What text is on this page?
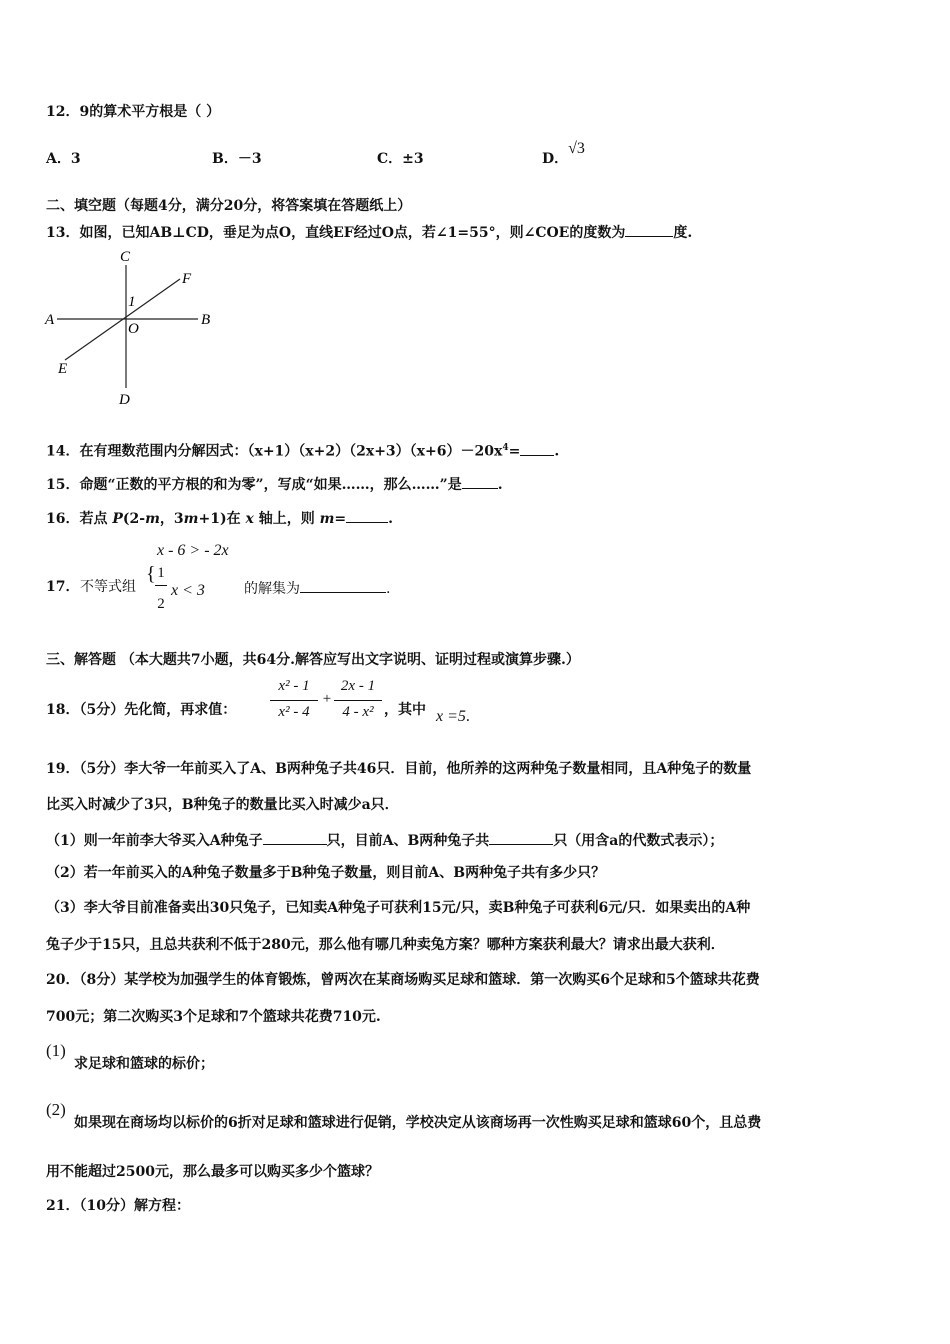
12．9的算术平方根是（ ）
A．3	B．－3	C．±3	D．√3
二、填空题（每题4分，满分20分，将答案填在答题纸上）
13．如图，已知AB⊥CD，垂足为点O，直线EF经过O点，若∠1=55°，则∠COE的度数为	度.
C
F
1
A
O
B
E
D
14．在有理数范围内分解因式：$(x+1)(x+2)(2x+3)(x+6)-20x^4=$ .
15．命题“正数的平方根的和为零”，写成“如果……，那么……”是	.
16．若点 P(2-m，3m+1)在 x 轴上，则 m=	.
17． 不等式组
x - 6 > - 2x
{ 1
2
x < 3	的解集为	.
三、解答题 （本大题共7小题，共64分.解答应写出文字说明、证明过程或演算步骤.）
18．（5分）先化简，再求值：
x² - 1
x² - 4
+
2x - 1
4 - x² ，其中 x =5.
19．（5分）李大爷一年前买入了A、B两种兔子共46只．目前，他所养的这两种兔子数量相同，且A种兔子的数量
比买入时减少了3只，B种兔子的数量比买入时减少a只．
（1）则一年前李大爷买入A种兔子	只，目前A、B两种兔子共	只（用含a的代数式表示）；
（2）若一年前买入的A种兔子数量多于B种兔子数量，则目前A、B两种兔子共有多少只？
（3）李大爷目前准备卖出30只兔子，已知卖A种兔子可获利15元/只，卖B种兔子可获利6元/只．如果卖出的A种
兔子少于15只，且总共获利不低于280元，那么他有哪几种卖兔方案？哪种方案获利最大？请求出最大获利．
20．（8分）某学校为加强学生的体育锻炼，曾两次在某商场购买足球和篮球．第一次购买6个足球和5个篮球共花费
700元；第二次购买3个足球和7个篮球共花费710元.
(1)
求足球和篮球的标价；
(2)
如果现在商场均以标价的6折对足球和篮球进行促销，学校决定从该商场再一次性购买足球和篮球60个，且总费
用不能超过2500元，那么最多可以购买多少个篮球？
21．（10分）解方程：
